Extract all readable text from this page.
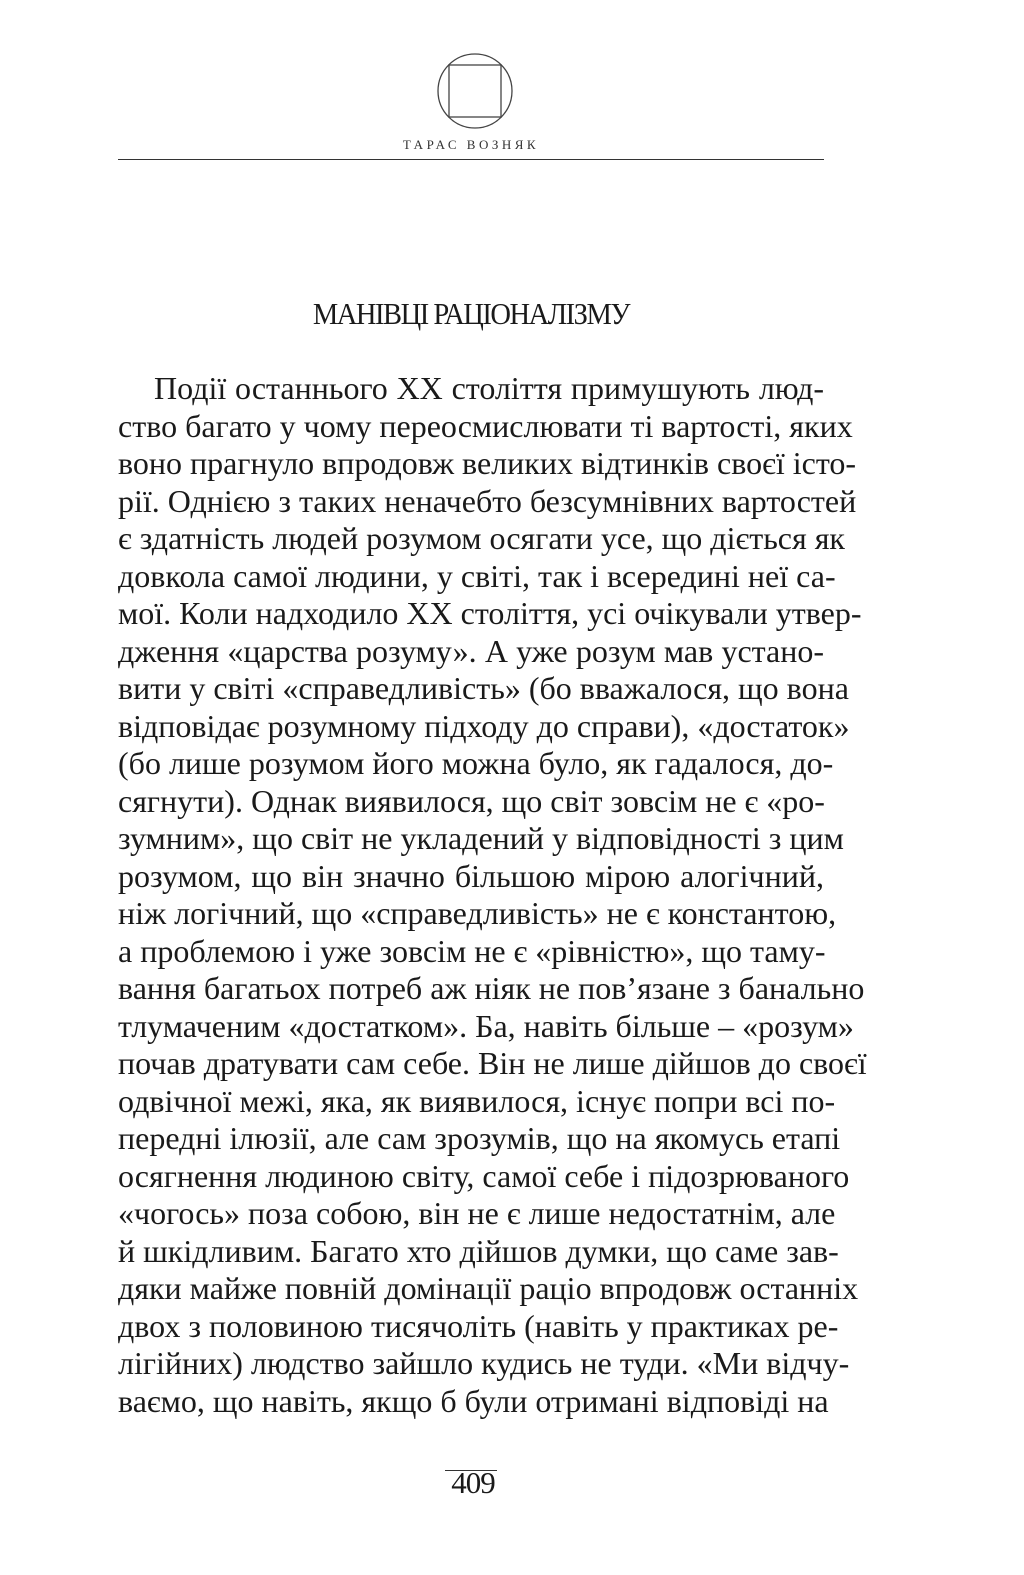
ТАРАС ВОЗНЯК
МАНІВЦІ РАЦІОНАЛІЗМУ
Події останнього ХХ століття примушують люд-
ство багато у чому переосмислювати ті вартості, яких
воно прагнуло впродовж великих відтинків своєї істо-
рії. Однією з таких неначебто безсумнівних вартостей
є здатність людей розумом осягати усе, що діється як
довкола самої людини, у світі, так і всередині неї са-
мої. Коли надходило ХХ століття, усі очікували утвер-
дження «царства розуму». А уже розум мав устано-
вити у світі «справедливість» (бо вважалося, що вона
відповідає розумному підходу до справи), «достаток»
(бо лише розумом його можна було, як гадалося, до-
сягнути). Однак виявилося, що світ зовсім не є «ро-
зумним», що світ не укладений у відповідності з цим
розумом, що він значно більшою мірою алогічний,
ніж логічний, що «справедливість» не є константою,
а проблемою і уже зовсім не є «рівністю», що таму-
вання багатьох потреб аж ніяк не пов’язане з банально
тлумаченим «достатком». Ба, навіть більше – «розум»
почав дратувати сам себе. Він не лише дійшов до своєї
одвічної межі, яка, як виявилося, існує попри всі по-
передні ілюзії, але сам зрозумів, що на якомусь етапі
осягнення людиною світу, самої себе і підозрюваного
«чогось» поза собою, він не є лише недостатнім, але
й шкідливим. Багато хто дійшов думки, що саме зав-
дяки майже повній домінації раціо впродовж останніх
двох з половиною тисячоліть (навіть у практиках ре-
лігійних) людство зайшло кудись не туди. «Ми відчу-
ваємо, що навіть, якщо б були отримані відповіді на
409
